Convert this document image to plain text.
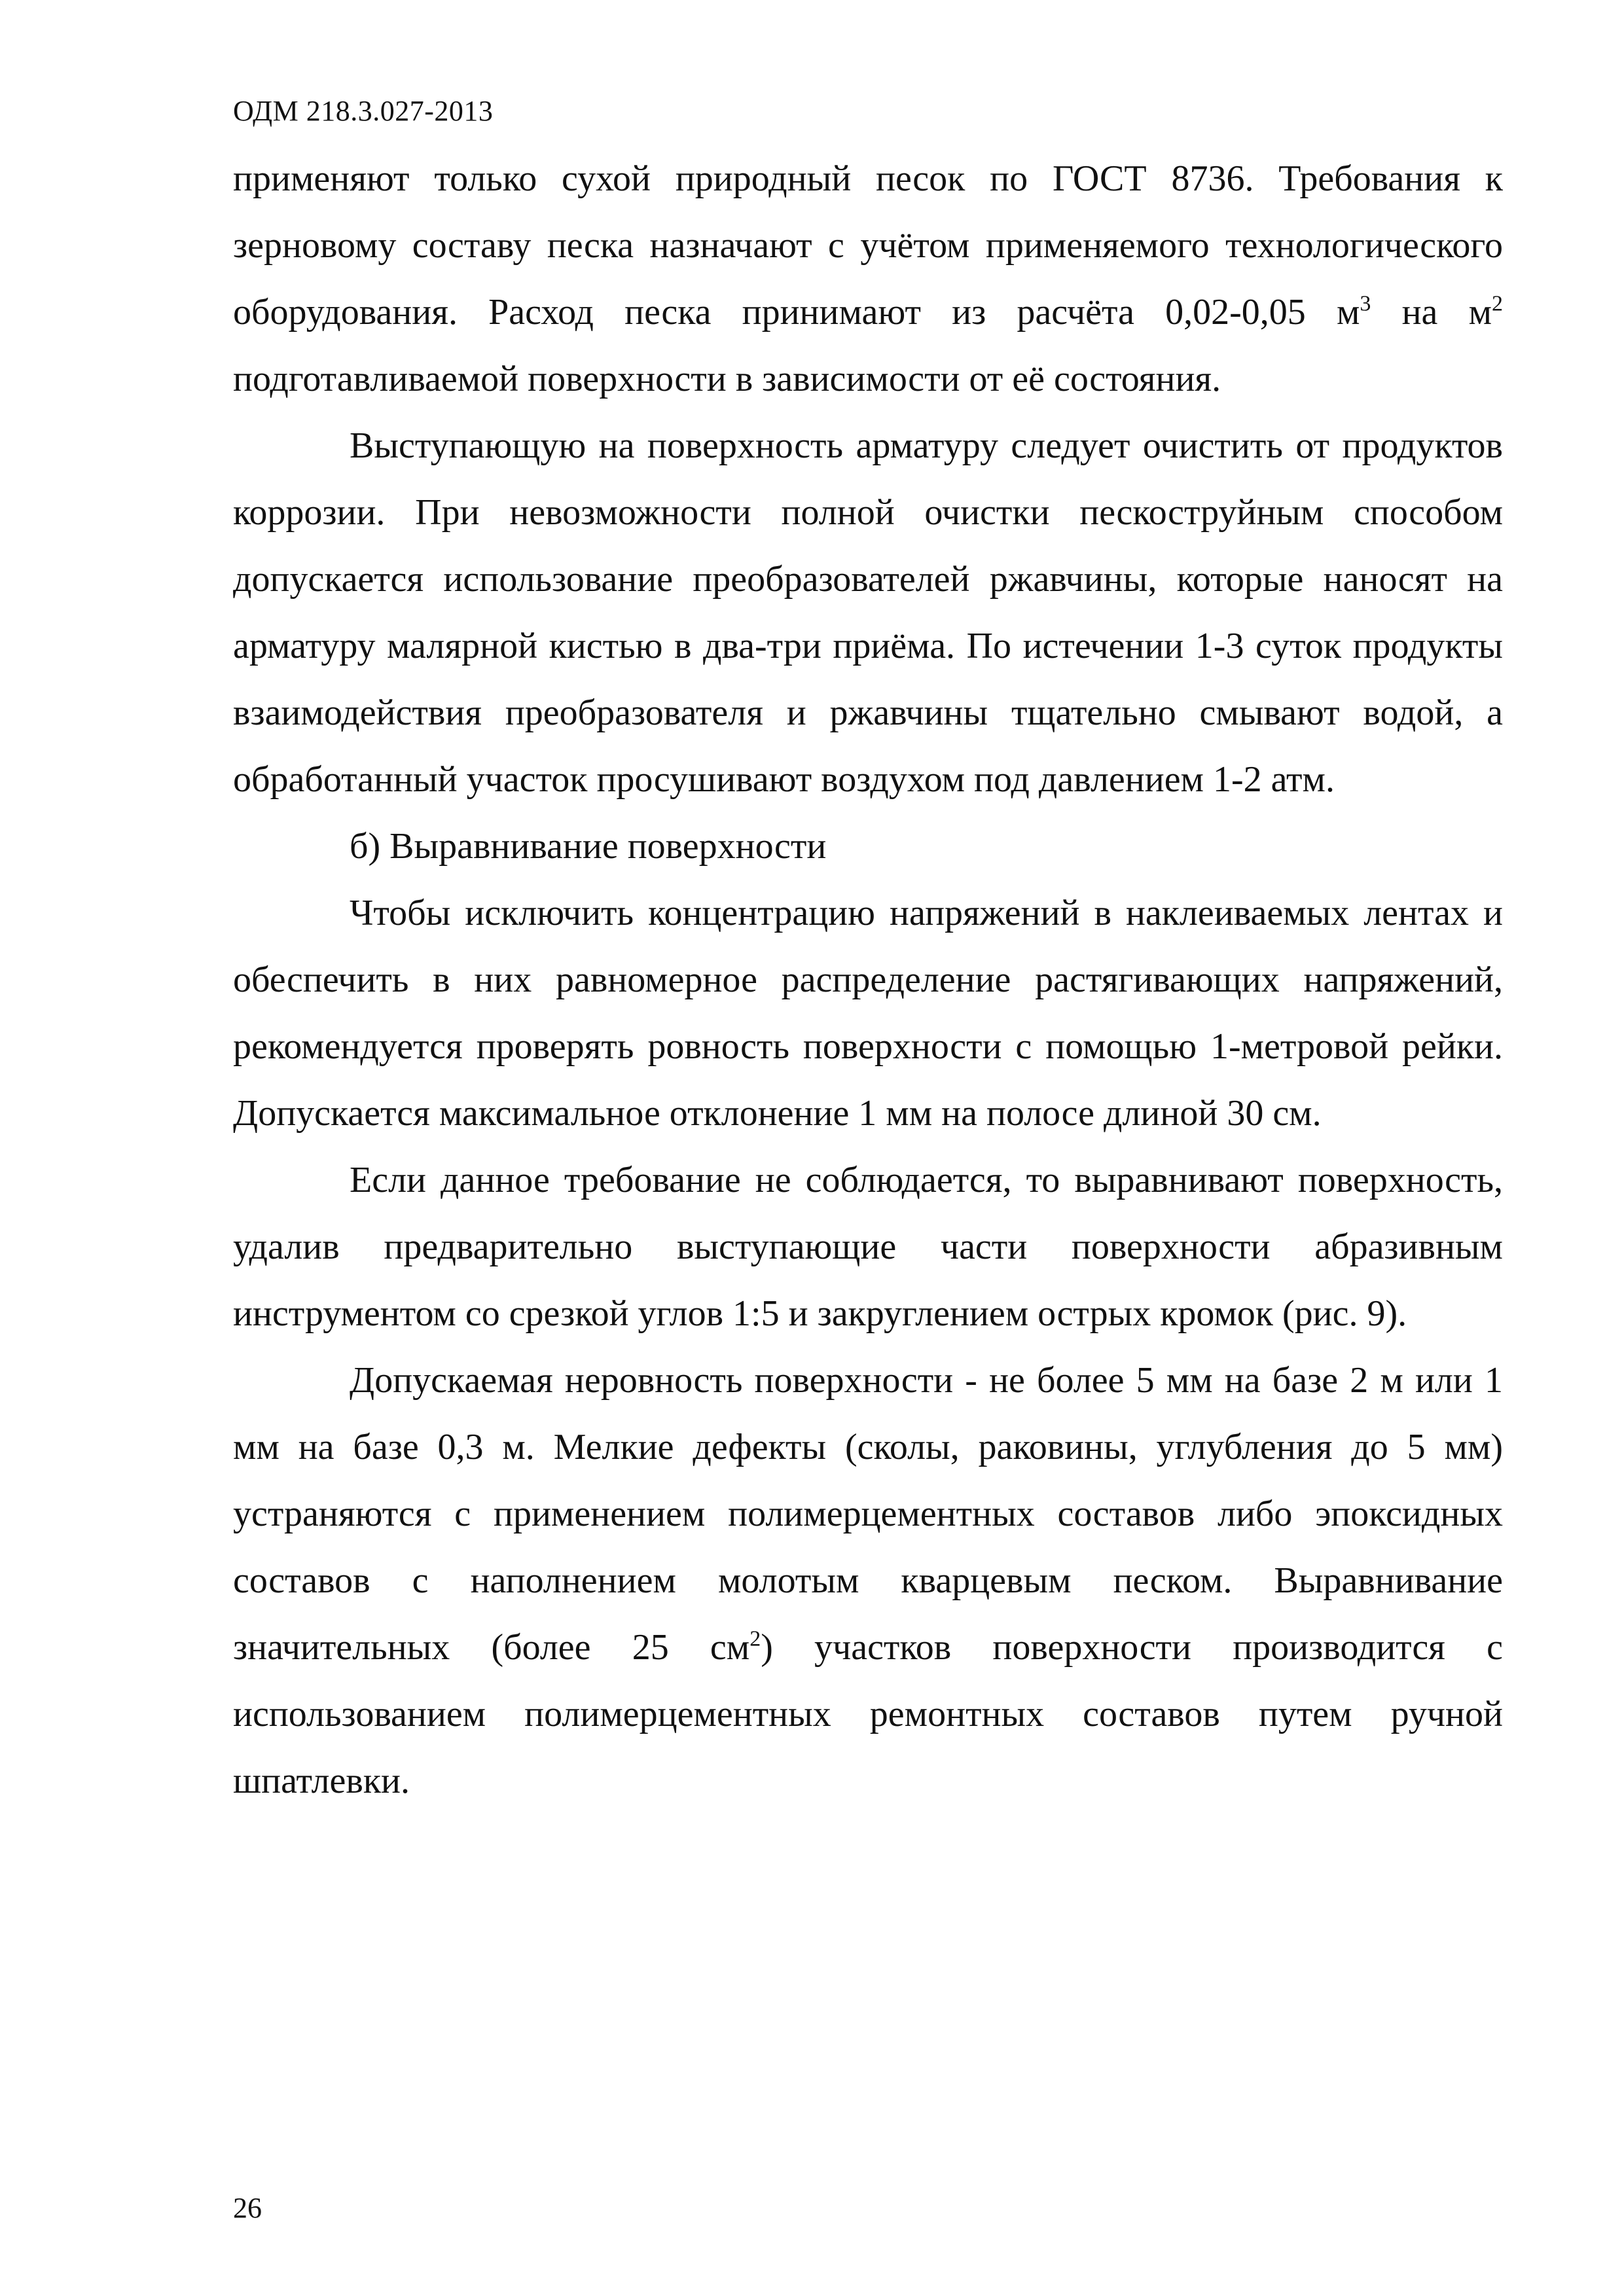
ОДМ 218.3.027-2013

применяют только сухой природный песок по ГОСТ 8736. Требования к зерновому составу песка назначают с учётом применяемого технологического оборудования. Расход песка принимают из расчёта 0,02-0,05 $м^3$ на $м^2$ подготавливаемой поверхности в зависимости от её состояния.

Выступающую на поверхность арматуру следует очистить от продуктов коррозии. При невозможности полной очистки пескоструйным способом допускается использование преобразователей ржавчины, которые наносят на арматуру малярной кистью в два-три приёма. По истечении 1-3 суток продукты взаимодействия преобразователя и ржавчины тщательно смывают водой, а обработанный участок просушивают воздухом под давлением 1-2 атм.

б) Выравнивание поверхности

Чтобы исключить концентрацию напряжений в наклеиваемых лентах и обеспечить в них равномерное распределение растягивающих напряжений, рекомендуется проверять ровность поверхности с помощью 1-метровой рейки. Допускается максимальное отклонение 1 мм на полосе длиной 30 см.

Если данное требование не соблюдается, то выравнивают поверхность, удалив предварительно выступающие части поверхности абразивным инструментом со срезкой углов 1:5 и закруглением острых кромок (рис. 9).

Допускаемая неровность поверхности - не более 5 мм на базе 2 м или 1 мм на базе 0,3 м. Мелкие дефекты (сколы, раковины, углубления до 5 мм) устраняются с применением полимерцементных составов либо эпоксидных составов с наполнением молотым кварцевым песком. Выравнивание значительных (более 25 $см^2$) участков поверхности производится с использованием полимерцементных ремонтных составов путем ручной шпатлевки.

26
